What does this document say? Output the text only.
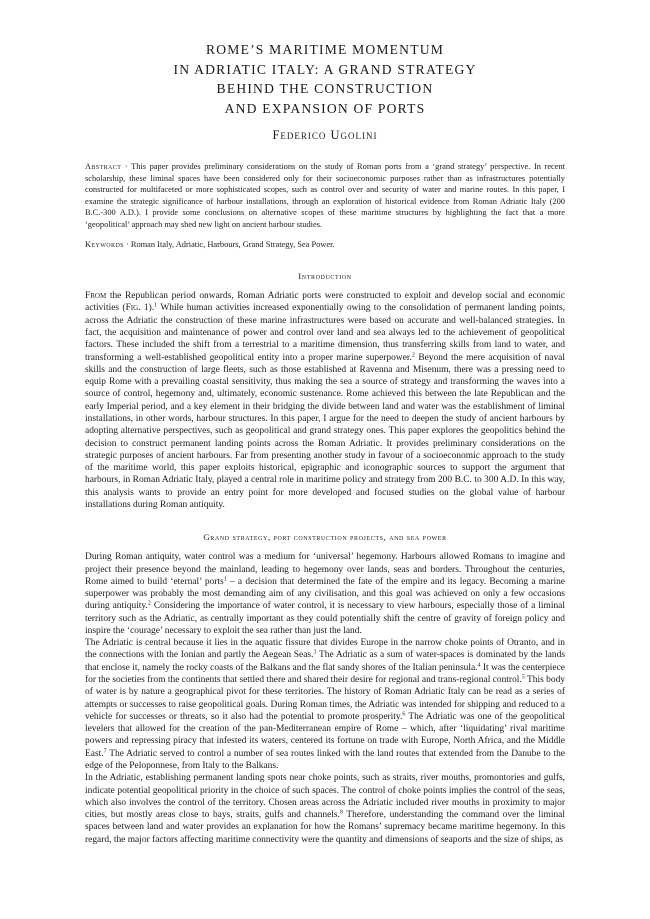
ROME’S MARITIME MOMENTUM
IN ADRIATIC ITALY: A GRAND STRATEGY
BEHIND THE CONSTRUCTION
AND EXPANSION OF PORTS
Federico Ugolini

Abstract · This paper provides preliminary considerations on the study of Roman ports from a ‘grand strategy’ perspective. In recent scholarship, these liminal spaces have been considered only for their socioeconomic purposes rather than as infrastructures potentially constructed for multifaceted or more sophisticated scopes, such as control over and security of water and marine routes. In this paper, I examine the strategic significance of harbour installations, through an exploration of historical evidence from Roman Adriatic Italy (200 B.C.-300 A.D.). I provide some conclusions on alternative scopes of these maritime structures by highlighting the fact that a more ‘geopolitical’ approach may shed new light on ancient harbour studies.

Keywords · Roman Italy, Adriatic, Harbours, Grand Strategy, Sea Power.

Introduction

From the Republican period onwards, Roman Adriatic ports were constructed to exploit and develop social and economic activities (Fig. 1).$^1$ While human activities increased exponentially owing to the consolidation of permanent landing points, across the Adriatic the construction of these marine infrastructures were based on accurate and well-balanced strategies. In fact, the acquisition and maintenance of power and control over land and sea always led to the achievement of geopolitical factors. These included the shift from a terrestrial to a maritime dimension, thus transferring skills from land to water, and transforming a well-established geopolitical entity into a proper marine superpower.$^2$ Beyond the mere acquisition of naval skills and the construction of large fleets, such as those established at Ravenna and Misenum, there was a pressing need to equip Rome with a prevailing coastal sensitivity, thus making the sea a source of strategy and transforming the waves into a source of control, hegemony and, ultimately, economic sustenance. Rome achieved this between the late Republican and the early Imperial period, and a key element in their bridging the divide between land and water was the establishment of liminal installations, in other words, harbour structures. In this paper, I argue for the need to deepen the study of ancient harbours by adopting alternative perspectives, such as geopolitical and grand strategy ones. This paper explores the geopolitics behind the decision to construct permanent landing points across the Roman Adriatic. It provides preliminary considerations on the strategic purposes of ancient harbours. Far from presenting another study in favour of a socioeconomic approach to the study of the maritime world, this paper exploits historical, epigraphic and iconographic sources to support the argument that harbours, in Roman Adriatic Italy, played a central role in maritime policy and strategy from 200 B.C. to 300 A.D. In this way, this analysis wants to provide an entry point for more developed and focused studies on the global value of harbour installations during Roman antiquity.

Grand strategy, port construction projects, and sea power

During Roman antiquity, water control was a medium for ‘universal’ hegemony. Harbours allowed Romans to imagine and project their presence beyond the mainland, leading to hegemony over lands, seas and borders. Throughout the centuries, Rome aimed to build ‘eternal’ ports$^1$ – a decision that determined the fate of the empire and its legacy. Becoming a marine superpower was probably the most demanding aim of any civilisation, and this goal was achieved on only a few occasions during antiquity.$^2$ Considering the importance of water control, it is necessary to view harbours, especially those of a liminal territory such as the Adriatic, as centrally important as they could potentially shift the centre of gravity of foreign policy and inspire the ‘courage’ necessary to exploit the sea rather than just the land.

The Adriatic is central because it lies in the aquatic fissure that divides Europe in the narrow choke points of Otranto, and in the connections with the Ionian and partly the Aegean Seas.$^3$ The Adriatic as a sum of water-spaces is dominated by the lands that enclose it, namely the rocky coasts of the Balkans and the flat sandy shores of the Italian peninsula.$^4$ It was the centerpiece for the societies from the continents that settled there and shared their desire for regional and trans-regional control.$^5$ This body of water is by nature a geographical pivot for these territories. The history of Roman Adriatic Italy can be read as a series of attempts or successes to raise geopolitical goals. During Roman times, the Adriatic was intended for shipping and reduced to a vehicle for successes or threats, so it also had the potential to promote prosperity.$^6$ The Adriatic was one of the geopolitical levelers that allowed for the creation of the pan-Mediterranean empire of Rome – which, after ‘liquidating’ rival maritime powers and repressing piracy that infested its waters, centered its fortune on trade with Europe, North Africa, and the Middle East.$^7$ The Adriatic served to control a number of sea routes linked with the land routes that extended from the Danube to the edge of the Peloponnese, from Italy to the Balkans.

In the Adriatic, establishing permanent landing spots near choke points, such as straits, river mouths, promontories and gulfs, indicate potential geopolitical priority in the choice of such spaces. The control of choke points implies the control of the seas, which also involves the control of the territory. Chosen areas across the Adriatic included river mouths in proximity to major cities, but mostly areas close to bays, straits, gulfs and channels.$^8$ Therefore, understanding the command over the liminal spaces between land and water provides an explanation for how the Romans’ supremacy became maritime hegemony. In this regard, the major factors affecting maritime connectivity were the quantity and dimensions of seaports and the size of ships, as
